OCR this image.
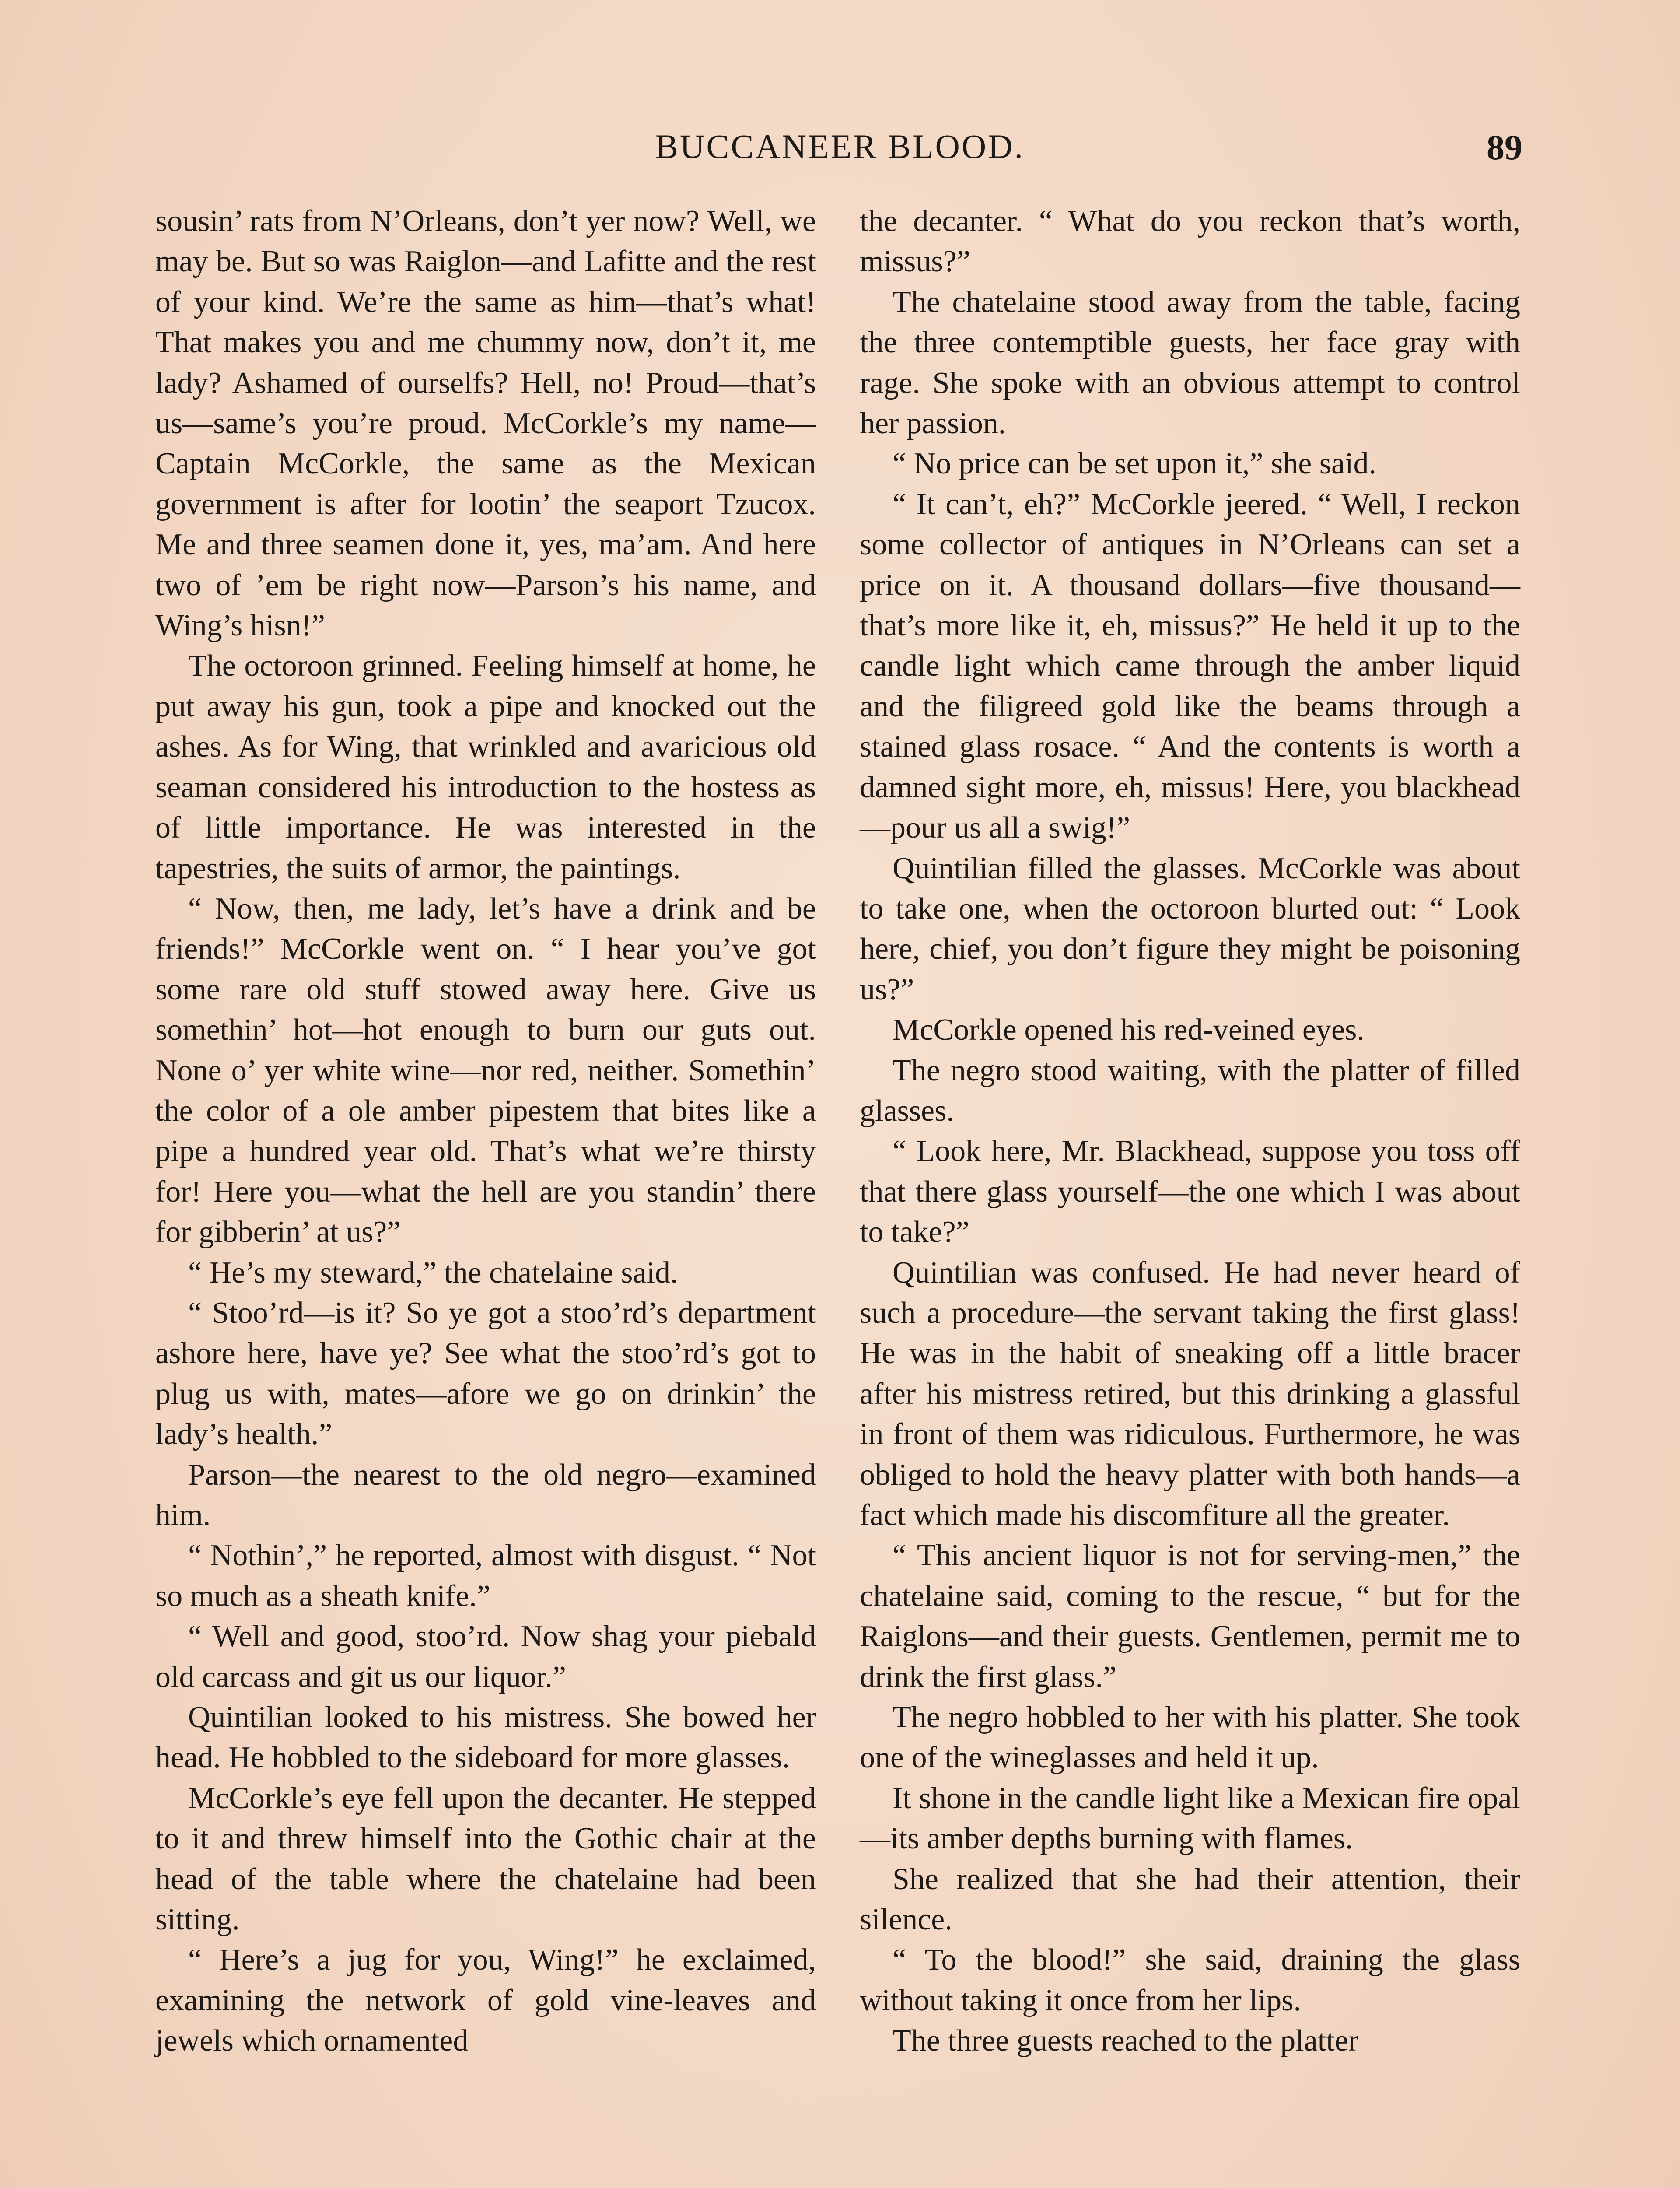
BUCCANEER BLOOD.	89

sousin’ rats from N’Orleans, don’t yer now? Well, we may be. But so was Raiglon—and Lafitte and the rest of your kind. We’re the same as him—that’s what! That makes you and me chummy now, don’t it, me lady? Ashamed of ourselfs? Hell, no! Proud—that’s us—same’s you’re proud. McCorkle’s my name—Captain McCorkle, the same as the Mexican government is after for lootin’ the seaport Tzucox. Me and three seamen done it, yes, ma’am. And here two of ’em be right now—Parson’s his name, and Wing’s hisn!”

The octoroon grinned. Feeling himself at home, he put away his gun, took a pipe and knocked out the ashes. As for Wing, that wrinkled and avaricious old seaman considered his introduction to the hostess as of little importance. He was interested in the tapestries, the suits of armor, the paintings.

“ Now, then, me lady, let’s have a drink and be friends!” McCorkle went on. “ I hear you’ve got some rare old stuff stowed away here. Give us somethin’ hot—hot enough to burn our guts out. None o’ yer white wine—nor red, neither. Somethin’ the color of a ole amber pipestem that bites like a pipe a hundred year old. That’s what we’re thirsty for! Here you—what the hell are you standin’ there for gibberin’ at us?”

“ He’s my steward,” the chatelaine said.

“ Stoo’rd—is it? So ye got a stoo’rd’s department ashore here, have ye? See what the stoo’rd’s got to plug us with, mates—afore we go on drinkin’ the lady’s health.”

Parson—the nearest to the old negro—examined him.

“ Nothin’,” he reported, almost with disgust. “ Not so much as a sheath knife.”

“ Well and good, stoo’rd. Now shag your piebald old carcass and git us our liquor.”

Quintilian looked to his mistress. She bowed her head. He hobbled to the sideboard for more glasses.

McCorkle’s eye fell upon the decanter. He stepped to it and threw himself into the Gothic chair at the head of the table where the chatelaine had been sitting.

“ Here’s a jug for you, Wing!” he exclaimed, examining the network of gold vine-leaves and jewels which ornamented

the decanter. “ What do you reckon that’s worth, missus?”

The chatelaine stood away from the table, facing the three contemptible guests, her face gray with rage. She spoke with an obvious attempt to control her passion.

“ No price can be set upon it,” she said.

“ It can’t, eh?” McCorkle jeered. “ Well, I reckon some collector of antiques in N’Orleans can set a price on it. A thousand dollars—five thousand—that’s more like it, eh, missus?” He held it up to the candle light which came through the amber liquid and the filigreed gold like the beams through a stained glass rosace. “ And the contents is worth a damned sight more, eh, missus! Here, you blackhead—pour us all a swig!”

Quintilian filled the glasses. McCorkle was about to take one, when the octoroon blurted out: “ Look here, chief, you don’t figure they might be poisoning us?”

McCorkle opened his red-veined eyes.

The negro stood waiting, with the platter of filled glasses.

“ Look here, Mr. Blackhead, suppose you toss off that there glass yourself—the one which I was about to take?”

Quintilian was confused. He had never heard of such a procedure—the servant taking the first glass! He was in the habit of sneaking off a little bracer after his mistress retired, but this drinking a glassful in front of them was ridiculous. Furthermore, he was obliged to hold the heavy platter with both hands—a fact which made his discomfiture all the greater.

“ This ancient liquor is not for serving-men,” the chatelaine said, coming to the rescue, “ but for the Raiglons—and their guests. Gentlemen, permit me to drink the first glass.”

The negro hobbled to her with his platter. She took one of the wineglasses and held it up.

It shone in the candle light like a Mexican fire opal—its amber depths burning with flames.

She realized that she had their attention, their silence.

“ To the blood!” she said, draining the glass without taking it once from her lips.

The three guests reached to the platter
